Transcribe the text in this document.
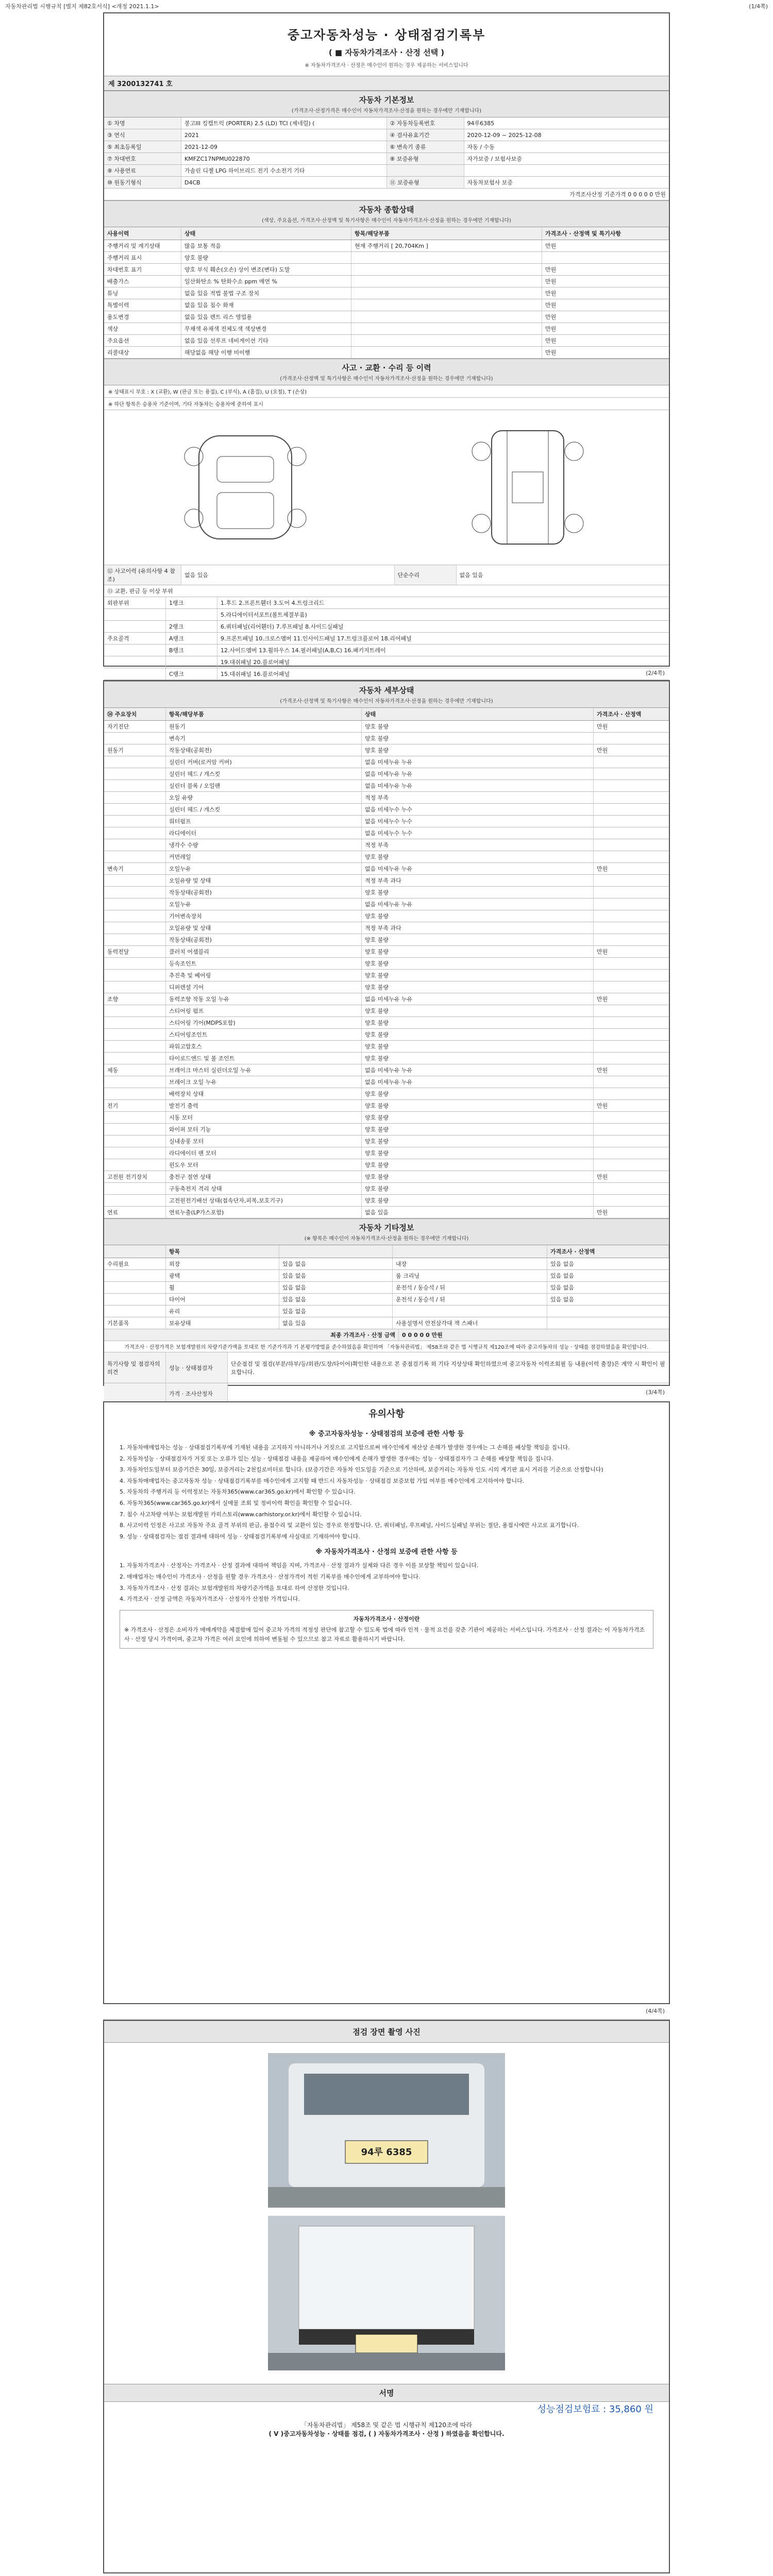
자동차관리법 시행규칙 [별지 제82호서식] <개정 2021.1.1>	(1/4쪽)
중고자동차성능 · 상태점검기록부
( ■ 자동차가격조사 · 산정 선택 )
※ 자동차가격조사 · 산정은 매수인이 원하는 경우 제공하는 서비스입니다
제 3200132741 호
자동차 기본정보
(가격조사·산정가격은 매수인이 자동차가격조사·산정을 원하는 경우에만 기재합니다)
① 차명	봉고III 킹캡트럭 (PORTER) 2.5 (LD) TCI (제네럴) (	② 자동차등록번호	94루6385
③ 연식	2021	④ 검사유효기간	2020-12-09 ~ 2025-12-08
⑤ 최초등록일	2021-12-09	⑥ 변속기 종류	자동 / 수동
⑦ 차대번호	KMFZC17NPMU022870	⑧ 보증유형	자가보증 / 보험사보증
⑨ 사용연료	가솔린 디젤 LPG 하이브리드 전기 수소전기 기타
⑩ 원동기형식	D4CB	⑪ 보증유형	자동차보험사 보증
가격조사산정 기준가격 0 0 0 0 0 만원
자동차 종합상태
(색상, 주요옵션, 가격조사·산정액 및 특기사항은 매수인이 자동차가격조사·산정을 원하는 경우에만 기재합니다)
사용이력	상태	항목/해당부품	가격조사 · 산정액 및 특기사항
주행거리 및 계기상태	많음 보통 적음	현재 주행거리 [ 20,704Km ]	만원
주행거리 표시	양호 불량
차대번호 표기	양호 부식 훼손(오손) 상이 변조(변타) 도말	만원
배출가스	일산화탄소 % 탄화수소 ppm 매연 %	만원
튜닝	없음 있음 적법 불법 구조 장치	만원
특별이력	없음 있음 침수 화재	만원
용도변경	없음 있음 렌트 리스 영업용	만원
색상	무채색 유채색 전체도색 색상변경	만원
주요옵션	없음 있음 선루프 네비게이션 기타	만원
리콜대상	해당없음 해당 이행 미이행	만원
사고 · 교환 · 수리 등 이력
(가격조사·산정액 및 특기사항은 매수인이 자동차가격조사·산정을 원하는 경우에만 기재합니다)
※ 상태표시 부호 : X (교환), W (판금 또는 용접), C (부식), A (흠집), U (요철), T (손상)
※ 하단 항목은 승용차 기준이며, 기타 자동차는 승용차에 준하여 표시
⑫ 사고이력 (유의사항 4 참조)
없음 있음	단순수리	없음 있음
⑬ 교환, 판금 등 이상 부위
외판부위	1랭크	1.후드 2.프론트휀더 3.도어 4.트렁크리드
5.라디에이터서포트(볼트체결부품)
2랭크	6.쿼터패널(리어휀더) 7.루프패널 8.사이드실패널
주요골격	A랭크	9.프론트패널 10.크로스멤버 11.인사이드패널 17.트렁크플로어 18.리어패널
B랭크	12.사이드멤버 13.휠하우스 14.필러패널(A,B,C) 16.패키지트레이
19.대쉬패널 20.플로어패널
C랭크	15.대쉬패널 16.플로어패널	(2/4쪽)
자동차 세부상태
(가격조사·산정액 및 특기사항은 매수인이 자동차가격조사·산정을 원하는 경우에만 기재합니다)
⑭ 주요장치	항목/해당부품	상태	가격조사 · 산정액
자기진단	원동기	양호 불량	만원
변속기	양호 불량
원동기	작동상태(공회전)	양호 불량	만원
실린더 커버(로커암 커버)	없음 미세누유 누유
실린더 헤드 / 개스킷	없음 미세누유 누유
실린더 블록 / 오일팬	없음 미세누유 누유
오일 유량	적정 부족
실린더 헤드 / 개스킷	없음 미세누수 누수
워터펌프	없음 미세누수 누수
라디에이터	없음 미세누수 누수
냉각수 수량	적정 부족
커먼레일	양호 불량
변속기	오일누유	없음 미세누유 누유	만원
오일유량 및 상태	적정 부족 과다
작동상태(공회전)	양호 불량
오일누유	없음 미세누유 누유
기어변속장치	양호 불량
오일유량 및 상태	적정 부족 과다
작동상태(공회전)	양호 불량
동력전달	클러치 어셈블리	양호 불량	만원
등속조인트	양호 불량
추진축 및 베어링	양호 불량
디퍼렌셜 기어	양호 불량
조향	동력조향 작동 오일 누유	없음 미세누유 누유	만원
스티어링 펌프	양호 불량
스티어링 기어(MDPS포함)	양호 불량
스티어링조인트	양호 불량
파워고압호스	양호 불량
타이로드엔드 및 볼 조인트	양호 불량
제동	브레이크 마스터 실린더오일 누유	없음 미세누유 누유	만원
브레이크 오일 누유	없음 미세누유 누유
배력장치 상태	양호 불량
전기	발전기 출력	양호 불량	만원
시동 모터	양호 불량
와이퍼 모터 기능	양호 불량
실내송풍 모터	양호 불량
라디에이터 팬 모터	양호 불량
윈도우 모터	양호 불량
고전원 전기장치	충전구 절연 상태	양호 불량	만원
구동축전지 격리 상태	양호 불량
고전원전기배선 상태(접속단자,피복,보호기구)	양호 불량
연료	연료누출(LP가스포함)	없음 있음	만원
자동차 기타정보
(※ 항목은 매수인이 자동차가격조사·산정을 원하는 경우에만 기재합니다)
항목	가격조사 · 산정액
수리필요	외장	있음 없음	내장	있음 없음
광택	있음 없음	룸 크리닝	있음 없음
휠	있음 없음	운전석 / 동승석 / 뒤	있음 없음
타이어	있음 없음	운전석 / 동승석 / 뒤	있음 없음
유리	있음 없음
기본품목	보유상태	없음 있음	사용설명서 안전삼각대 잭 스패너
최종 가격조사 · 산정 금액	0 0 0 0 0 만원
가격조사 · 산정가격은 보험개발원의 차량기준가액을 토대로 한 기준가격과 기 본평가방법을 준수하였음을 확인하며 「자동차관리법」 제58조와 같은 법 시행규칙 제120조에 따라 중고자동차의 성능 · 상태를 점검하였음을 확인합니다.
특기사항 및 점검자의 의견
성능 · 상태점검자
단순점검 및 점검(부분/하부/등/외관/도장/타이어)확인한 내용으로 본 중점검기록 외 기타 지상상태 확인하였으며 중고자동차 이력조회필 등 내용(이력 출장)은 계약 시 확인이 필요합니다.
가격 · 조사산정자	(3/4쪽)
유의사항
※ 중고자동차성능 · 상태점검의 보증에 관한 사항 등

1. 자동차매매업자는 성능 · 상태점검기록부에 기재된 내용을 고지하지 아니하거나 거짓으로 고지함으로써 매수인에게 재산상 손해가 발생한 경우에는 그 손해를 배상할 책임을 집니다.

2. 자동차성능 · 상태점검자가 거짓 또는 오류가 있는 성능 · 상태점검 내용을 제공하여 매수인에게 손해가 발생한 경우에는 성능 · 상태점검자가 그 손해를 배상할 책임을 집니다.

3. 자동차인도일부터 보증기간은 30일, 보증거리는 2천킬로미터로 합니다. (보증기간은 자동차 인도일을 기준으로 기산하며, 보증거리는 자동차 인도 시의 계기판 표시 거리를 기준으로 산정합니다)

4. 자동차매매업자는 중고자동차 성능 · 상태점검기록부를 매수인에게 고지할 때 반드시 자동차성능 · 상태점검 보증보험 가입 여부를 매수인에게 고지하여야 합니다.

5. 자동차의 주행거리 등 이력정보는 자동차365(www.car365.go.kr)에서 확인할 수 있습니다.

6. 자동차365(www.car365.go.kr)에서 실매물 조회 및 정비이력 확인을 확인할 수 있습니다.

7. 침수 사고차량 여부는 보험개발원 카히스토리(www.carhistory.or.kr)에서 확인할 수 있습니다.

8. 사고이력 인정은 사고로 자동차 주요 골격 부위의 판금, 용접수리 및 교환이 있는 경우로 한정합니다. 단, 쿼터패널, 루프패널, 사이드실패널 부위는 절단, 용접시에만 사고로 표기합니다.

9. 성능 · 상태점검자는 점검 결과에 대하여 성능 · 상태점검기록부에 사실대로 기재하여야 합니다.

※ 자동차가격조사 · 산정의 보증에 관한 사항 등

1. 자동차가격조사 · 산정자는 가격조사 · 산정 결과에 대하여 책임을 지며, 가격조사 · 산정 결과가 실제와 다른 경우 이를 보상할 책임이 있습니다.

2. 매매업자는 매수인이 가격조사 · 산정을 원할 경우 가격조사 · 산정가격이 적힌 기록부를 매수인에게 교부하여야 합니다.

3. 자동차가격조사 · 산정 결과는 보험개발원의 차량기준가액을 토대로 하여 산정한 것입니다.

4. 가격조사 · 산정 금액은 자동차가격조사 · 산정자가 산정한 가격입니다.

자동차가격조사 · 산정이란
※ 가격조사 · 산정은 소비자가 매매계약을 체결함에 있어 중고차 가격의 적정성 판단에 참고할 수 있도록 법에 따라 인적 · 물적 요건을 갖춘 기관이 제공하는 서비스입니다. 가격조사 · 산정 결과는 이 자동차가격조사 · 산정 당시 가격이며, 중고차 가격은 여러 요인에 의하여 변동될 수 있으므로 참고 자료로 활용하시기 바랍니다.
(4/4쪽)
점검 장면 촬영 사진
94루 6385
서명
성능점검보험료 : 35,860 원
「자동차관리법」 제58조 및 같은 법 시행규칙 제120조에 따라
( V )중고자동차성능 · 상태를 점검, ( ) 자동차가격조사 · 산정 ) 하였음을 확인합니다.
